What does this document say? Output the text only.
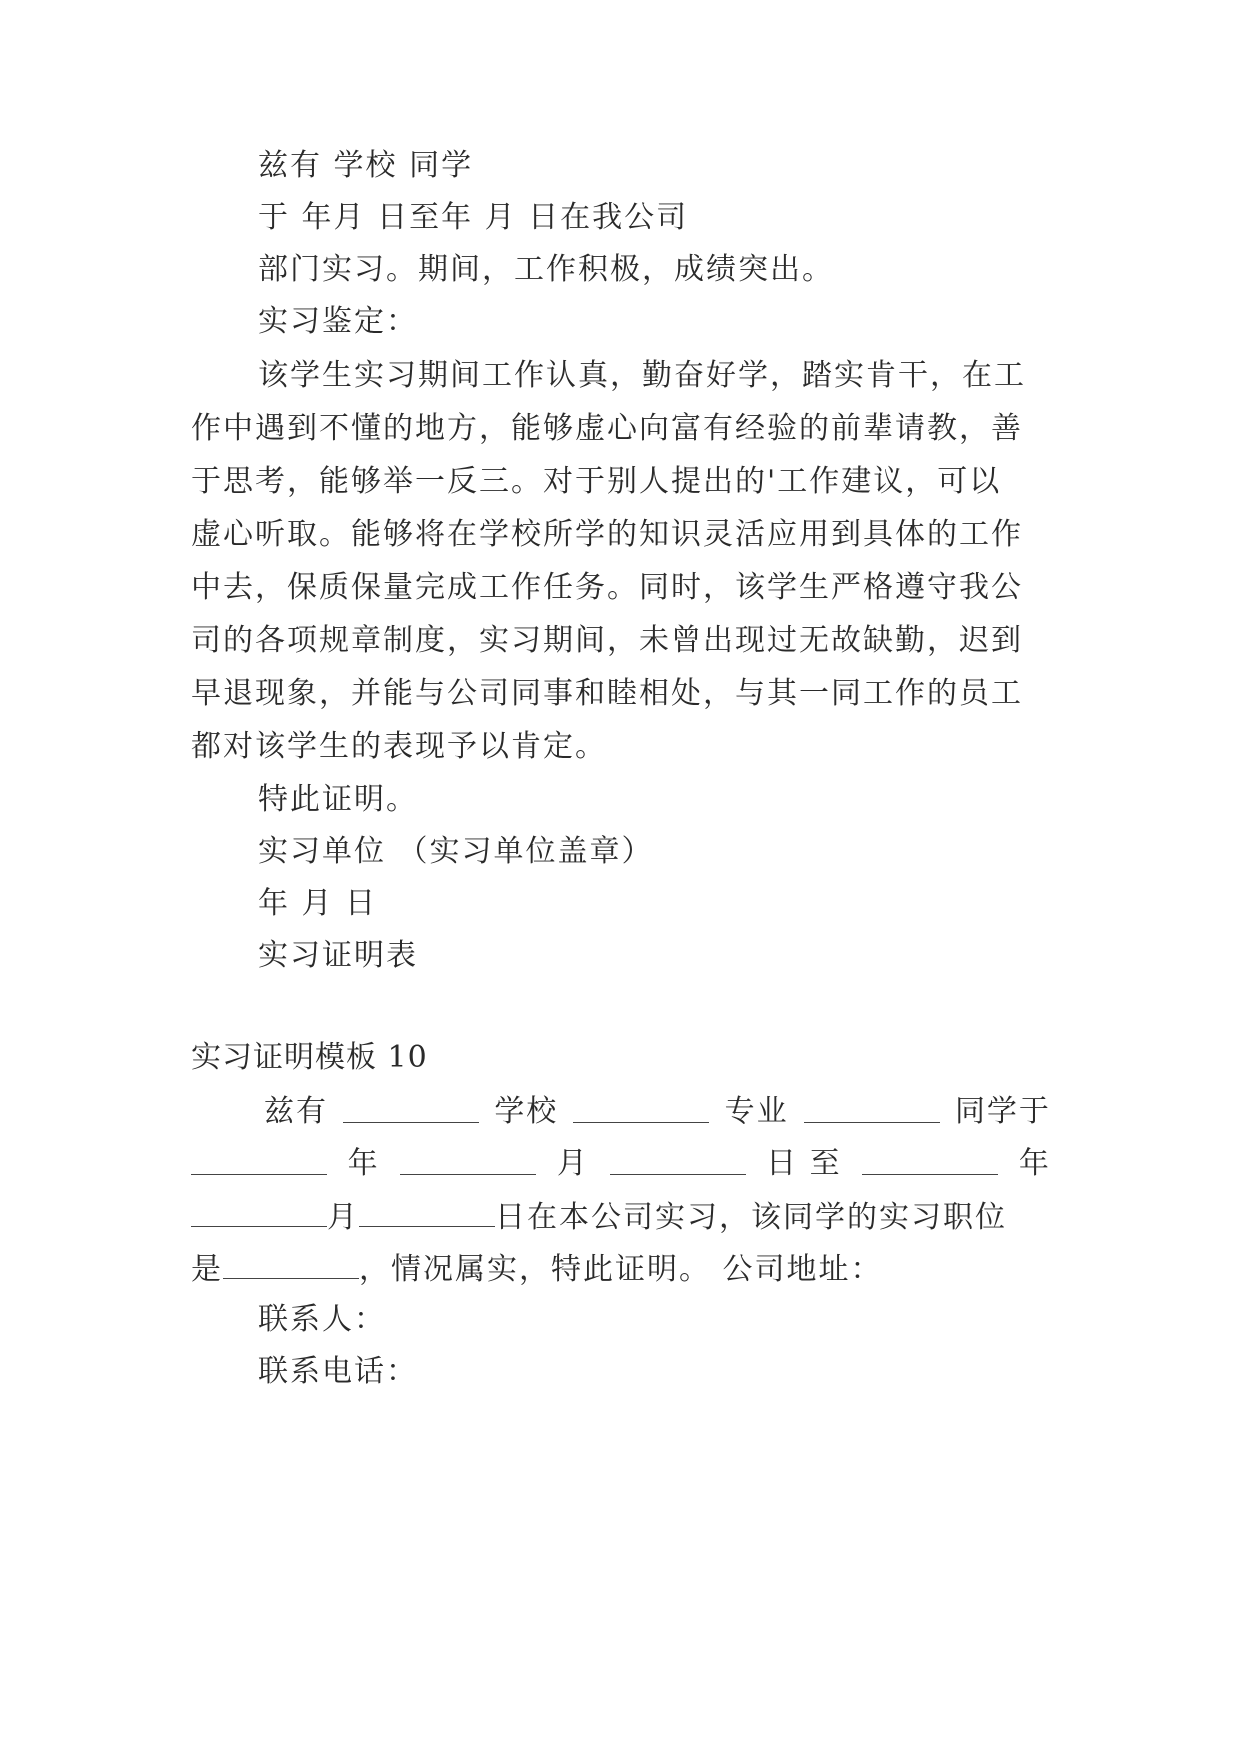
兹有 学校 同学
于 年月 日至年 月 日在我公司
部门实习。期间，工作积极，成绩突出。
实习鉴定：
该学生实习期间工作认真，勤奋好学，踏实肯干，在工
作中遇到不懂的地方，能够虚心向富有经验的前辈请教，善
于思考，能够举一反三。对于别人提出的'工作建议，可以
虚心听取。能够将在学校所学的知识灵活应用到具体的工作
中去，保质保量完成工作任务。同时，该学生严格遵守我公
司的各项规章制度，实习期间，未曾出现过无故缺勤，迟到
早退现象，并能与公司同事和睦相处，与其一同工作的员工
都对该学生的表现予以肯定。
特此证明。
实习单位 （实习单位盖章）
年 月 日
实习证明表
实习证明模板 10
兹有	学校	专业	同学于
年	月	日 至	年
月	日在本公司实习，该同学的实习职位
是	，情况属实，特此证明。 公司地址：
联系人：
联系电话：
